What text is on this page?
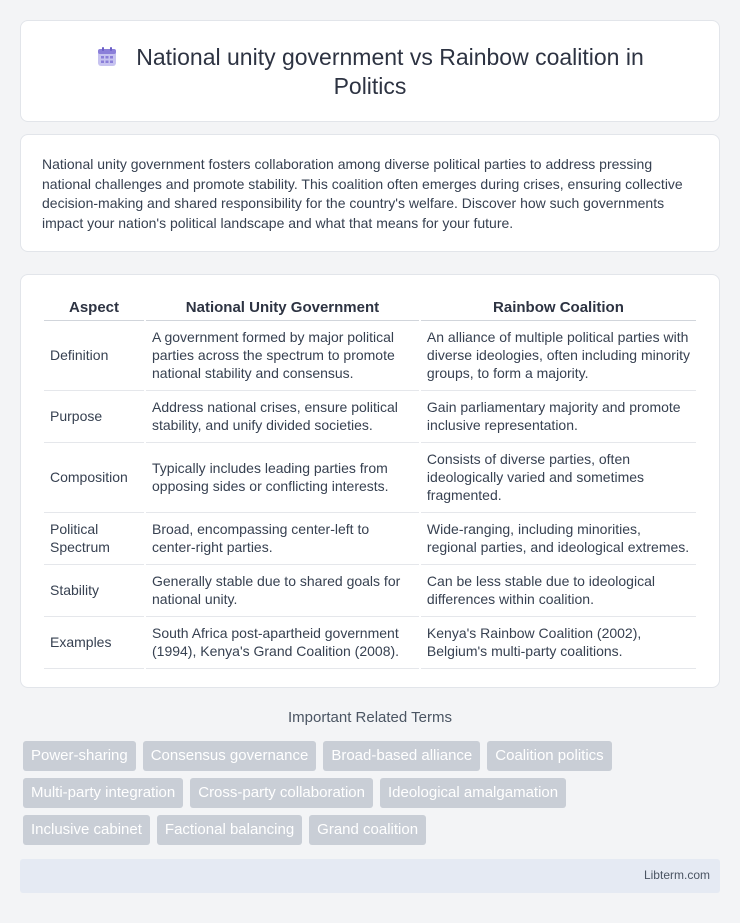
National unity government vs Rainbow coalition in Politics

National unity government fosters collaboration among diverse political parties to address pressing national challenges and promote stability. This coalition often emerges during crises, ensuring collective decision-making and shared responsibility for the country's welfare. Discover how such governments impact your nation's political landscape and what that means for your future.

Aspect	National Unity Government	Rainbow Coalition
Definition	A government formed by major political parties across the spectrum to promote national stability and consensus.	An alliance of multiple political parties with diverse ideologies, often including minority groups, to form a majority.
Purpose	Address national crises, ensure political stability, and unify divided societies.	Gain parliamentary majority and promote inclusive representation.
Composition	Typically includes leading parties from opposing sides or conflicting interests.	Consists of diverse parties, often ideologically varied and sometimes fragmented.
Political Spectrum	Broad, encompassing center-left to center-right parties.	Wide-ranging, including minorities, regional parties, and ideological extremes.
Stability	Generally stable due to shared goals for national unity.	Can be less stable due to ideological differences within coalition.
Examples	South Africa post-apartheid government (1994), Kenya's Grand Coalition (2008).	Kenya's Rainbow Coalition (2002), Belgium's multi-party coalitions.
Important Related Terms
Power-sharing	Consensus governance	Broad-based alliance	Coalition politics
Multi-party integration	Cross-party collaboration	Ideological amalgamation
Inclusive cabinet	Factional balancing	Grand coalition
Libterm.com
